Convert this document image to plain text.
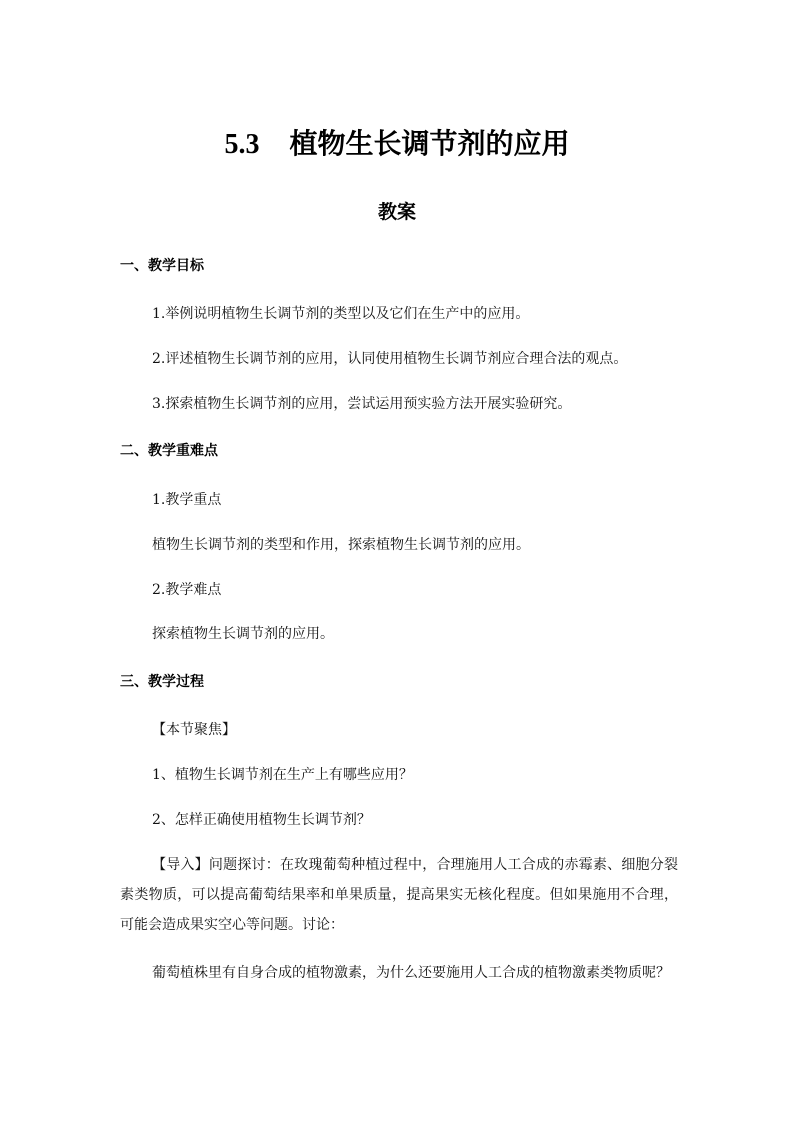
5.3 植物生长调节剂的应用
教案
一、教学目标
1.举例说明植物生长调节剂的类型以及它们在生产中的应用。
2.评述植物生长调节剂的应用，认同使用植物生长调节剂应合理合法的观点。
3.探索植物生长调节剂的应用，尝试运用预实验方法开展实验研究。
二、教学重难点
1.教学重点
植物生长调节剂的类型和作用，探索植物生长调节剂的应用。
2.教学难点
探索植物生长调节剂的应用。
三、教学过程
【本节聚焦】
1、植物生长调节剂在生产上有哪些应用？
2、怎样正确使用植物生长调节剂？
【导入】问题探讨：在玫瑰葡萄种植过程中，合理施用人工合成的赤霉素、细胞分裂素类物质，可以提高葡萄结果率和单果质量，提高果实无核化程度。但如果施用不合理，可能会造成果实空心等问题。讨论：
葡萄植株里有自身合成的植物激素，为什么还要施用人工合成的植物激素类物质呢？
